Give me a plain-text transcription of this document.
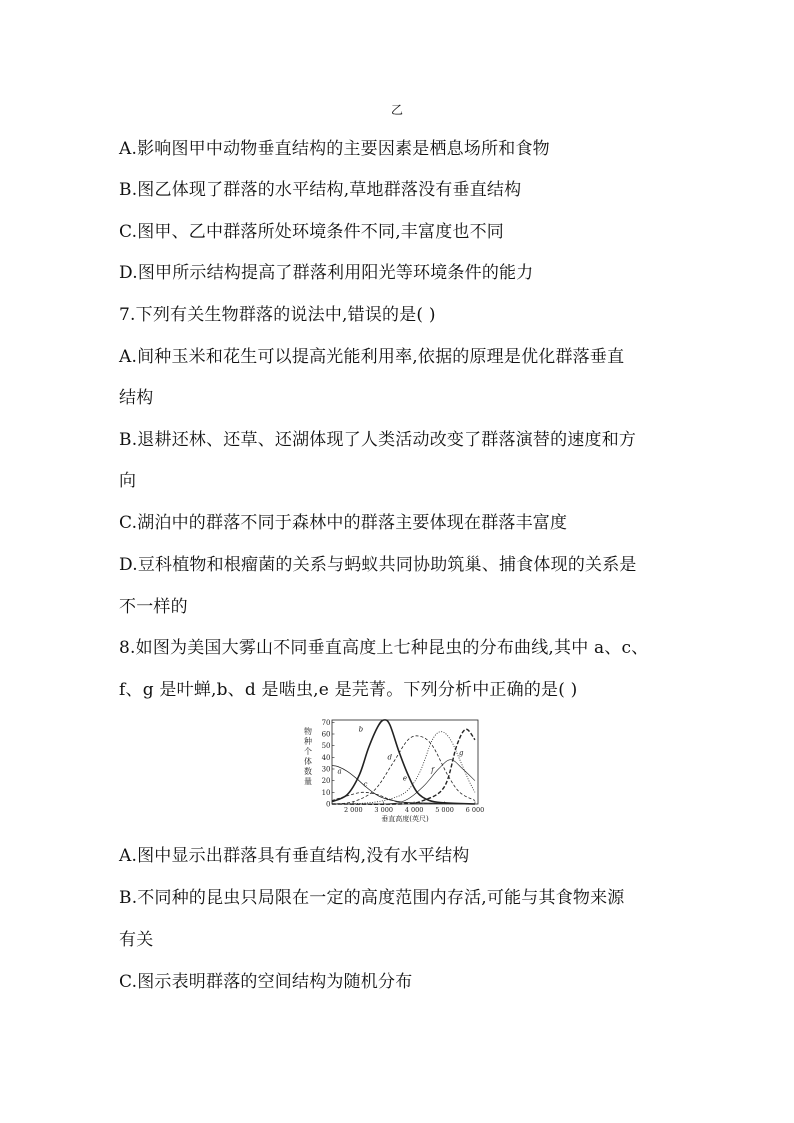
乙
A.影响图甲中动物垂直结构的主要因素是栖息场所和食物
B.图乙体现了群落的水平结构,草地群落没有垂直结构
C.图甲、乙中群落所处环境条件不同,丰富度也不同
D.图甲所示结构提高了群落利用阳光等环境条件的能力
7.下列有关生物群落的说法中,错误的是( )
A.间种玉米和花生可以提高光能利用率,依据的原理是优化群落垂直
结构
B.退耕还林、还草、还湖体现了人类活动改变了群落演替的速度和方
向
C.湖泊中的群落不同于森林中的群落主要体现在群落丰富度
D.豆科植物和根瘤菌的关系与蚂蚁共同协助筑巢、捕食体现的关系是
不一样的
8.如图为美国大雾山不同垂直高度上七种昆虫的分布曲线,其中 a、c、
f、g 是叶蝉,b、d 是啮虫,e 是芫菁。下列分析中正确的是( )
0
10
20
30
40
50
60
70
2 000 3 000 4 000 5 000 6 000
垂直高度(英尺)
物
种
个
体
数
量
a
b
c
d
e
f
g
A.图中显示出群落具有垂直结构,没有水平结构
B.不同种的昆虫只局限在一定的高度范围内存活,可能与其食物来源
有关
C.图示表明群落的空间结构为随机分布
